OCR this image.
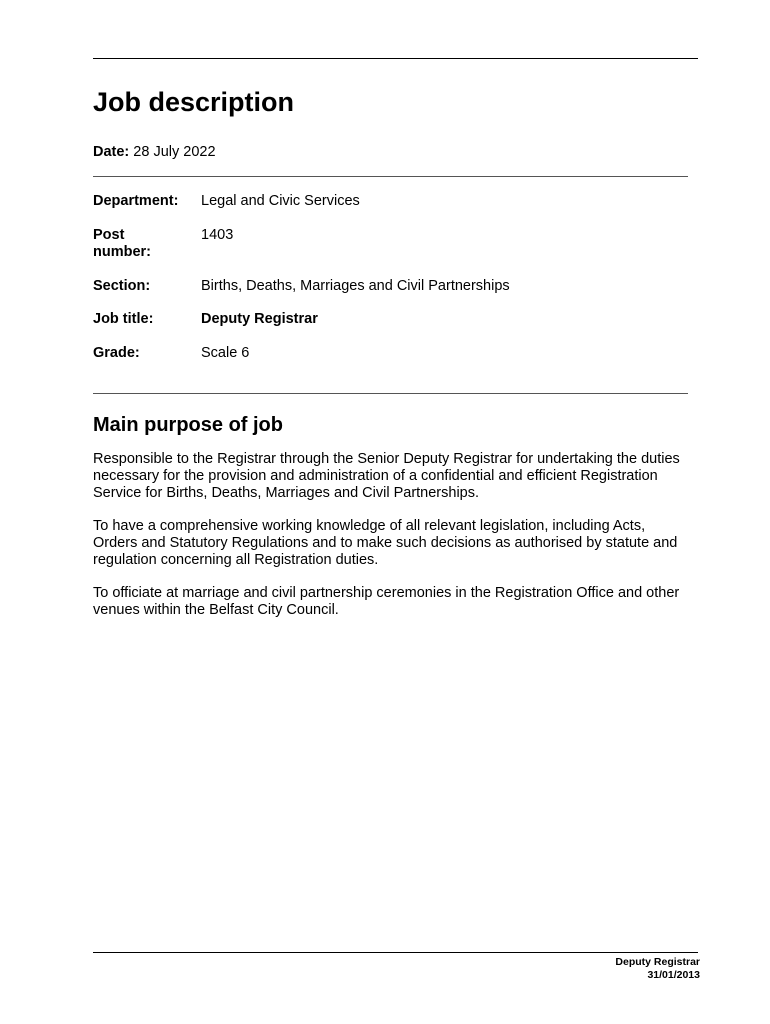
Job description
Date: 28 July 2022
Department:	Legal and Civic Services
Post number:
1403
Section:	Births, Deaths, Marriages and Civil Partnerships
Job title:	Deputy Registrar
Grade:	Scale 6
Main purpose of job

Responsible to the Registrar through the Senior Deputy Registrar for undertaking the duties necessary for the provision and administration of a confidential and efficient Registration Service for Births, Deaths, Marriages and Civil Partnerships.

To have a comprehensive working knowledge of all relevant legislation, including Acts, Orders and Statutory Regulations and to make such decisions as authorised by statute and regulation concerning all Registration duties.

To officiate at marriage and civil partnership ceremonies in the Registration Office and other venues within the Belfast City Council.

Deputy Registrar
31/01/2013
